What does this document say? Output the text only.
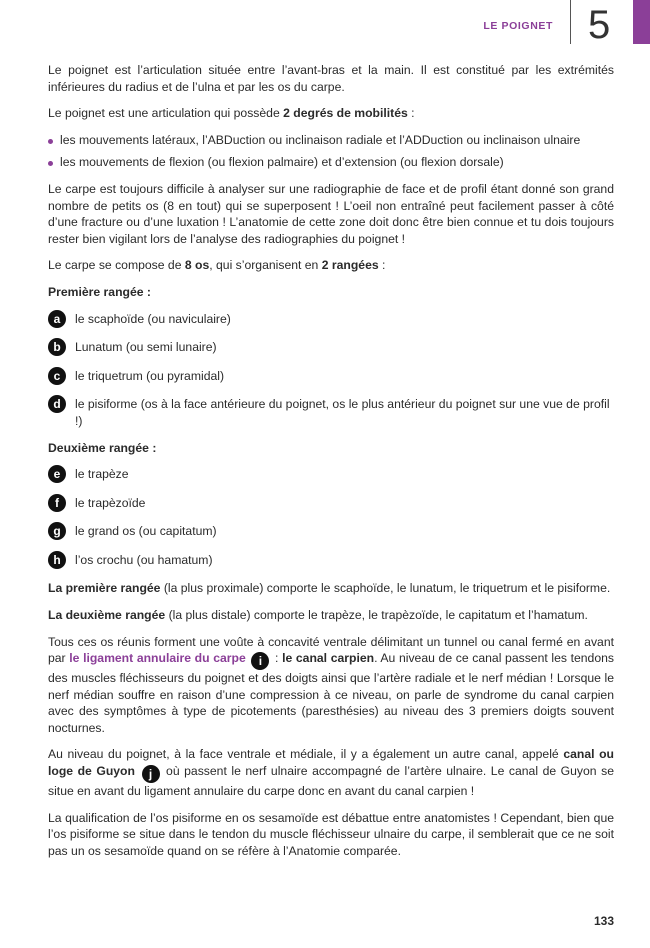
LE POIGNET 5

Le poignet est l’articulation située entre l’avant-bras et la main. Il est constitué par les extrémités inférieures du radius et de l’ulna et par les os du carpe.

Le poignet est une articulation qui possède 2 degrés de mobilités :

les mouvements latéraux, l’ABDuction ou inclinaison radiale et l’ADDuction ou inclinaison ulnaire
les mouvements de flexion (ou flexion palmaire) et d’extension (ou flexion dorsale)

Le carpe est toujours difficile à analyser sur une radiographie de face et de profil étant donné son grand nombre de petits os (8 en tout) qui se superposent ! L’oeil non entraîné peut facilement passer à côté d’une fracture ou d’une luxation ! L’anatomie de cette zone doit donc être bien connue et tu dois toujours rester bien vigilant lors de l’analyse des radiographies du poignet !

Le carpe se compose de 8 os, qui s’organisent en 2 rangées :

Première rangée :

a	le scaphoïde (ou naviculaire)
b	Lunatum (ou semi lunaire)
c	le triquetrum (ou pyramidal)
d	le pisiforme (os à la face antérieure du poignet, os le plus antérieur du poignet sur une vue de profil !)

Deuxième rangée :

e	le trapèze
f	le trapèzoïde
g	le grand os (ou capitatum)
h	l’os crochu (ou hamatum)

La première rangée (la plus proximale) comporte le scaphoïde, le lunatum, le triquetrum et le pisiforme.

La deuxième rangée (la plus distale) comporte le trapèze, le trapèzoïde, le capitatum et l’hamatum.

Tous ces os réunis forment une voûte à concavité ventrale délimitant un tunnel ou canal fermé en avant par le ligament annulaire du carpe i : le canal carpien. Au niveau de ce canal passent les tendons des muscles fléchisseurs du poignet et des doigts ainsi que l’artère radiale et le nerf médian ! Lorsque le nerf médian souffre en raison d’une compression à ce niveau, on parle de syndrome du canal carpien avec des symptômes à type de picotements (paresthésies) au niveau des 3 premiers doigts souvent nocturnes.

Au niveau du poignet, à la face ventrale et médiale, il y a également un autre canal, appelé canal ou loge de Guyon j où passent le nerf ulnaire accompagné de l’artère ulnaire. Le canal de Guyon se situe en avant du ligament annulaire du carpe donc en avant du canal carpien !

La qualification de l’os pisiforme en os sesamoïde est débattue entre anatomistes ! Cependant, bien que l’os pisiforme se situe dans le tendon du muscle fléchisseur ulnaire du carpe, il semblerait que ce ne soit pas un os sesamoïde quand on se réfère à l’Anatomie comparée.

133
